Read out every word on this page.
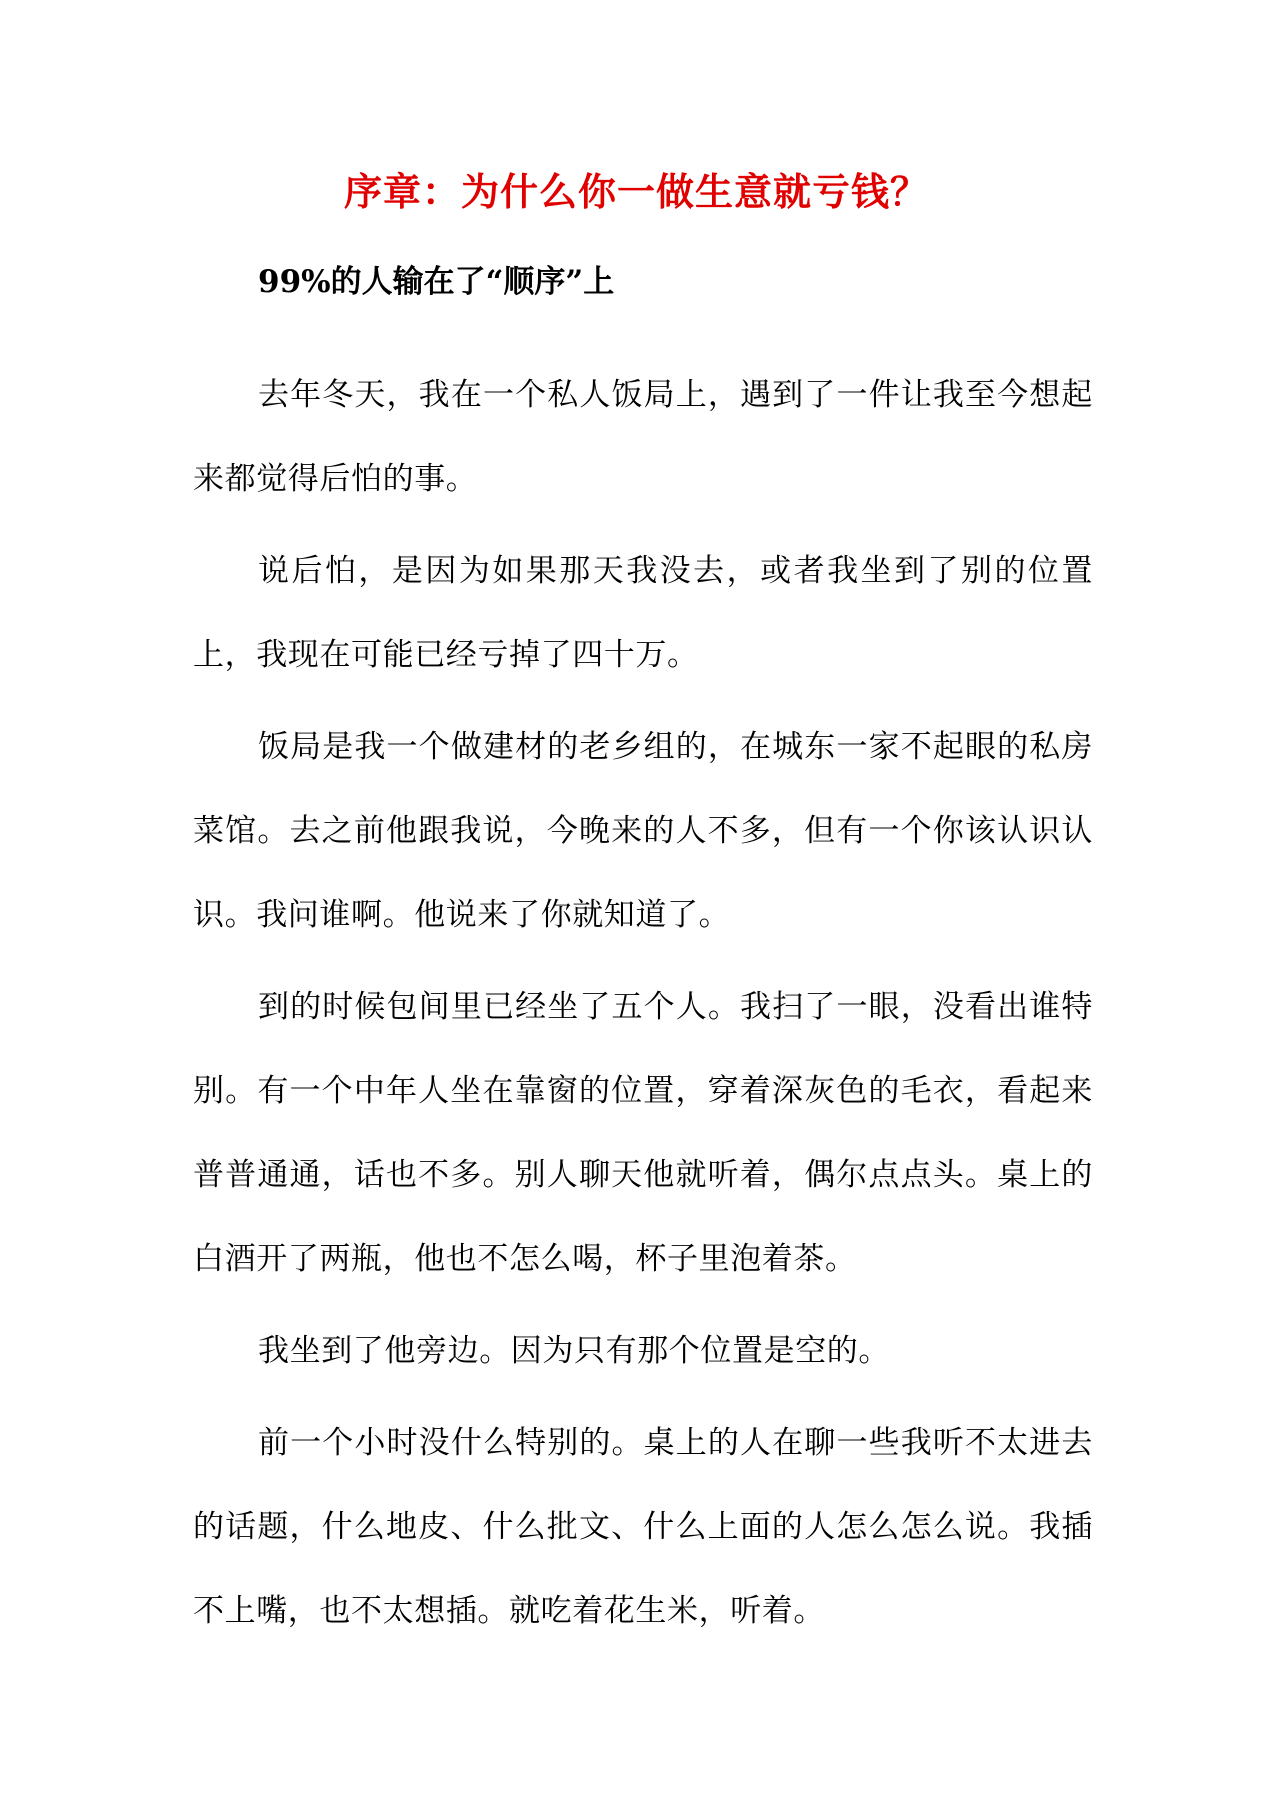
序章：为什么你一做生意就亏钱？
99%的人输在了“顺序”上

去年冬天，我在一个私人饭局上，遇到了一件让我至今想起来都觉得后怕的事。

说后怕，是因为如果那天我没去，或者我坐到了别的位置上，我现在可能已经亏掉了四十万。

饭局是我一个做建材的老乡组的，在城东一家不起眼的私房菜馆。去之前他跟我说，今晚来的人不多，但有一个你该认识认识。我问谁啊。他说来了你就知道了。

到的时候包间里已经坐了五个人。我扫了一眼，没看出谁特别。有一个中年人坐在靠窗的位置，穿着深灰色的毛衣，看起来普普通通，话也不多。别人聊天他就听着，偶尔点点头。桌上的白酒开了两瓶，他也不怎么喝，杯子里泡着茶。

我坐到了他旁边。因为只有那个位置是空的。

前一个小时没什么特别的。桌上的人在聊一些我听不太进去的话题，什么地皮、什么批文、什么上面的人怎么怎么说。我插不上嘴，也不太想插。就吃着花生米，听着。
